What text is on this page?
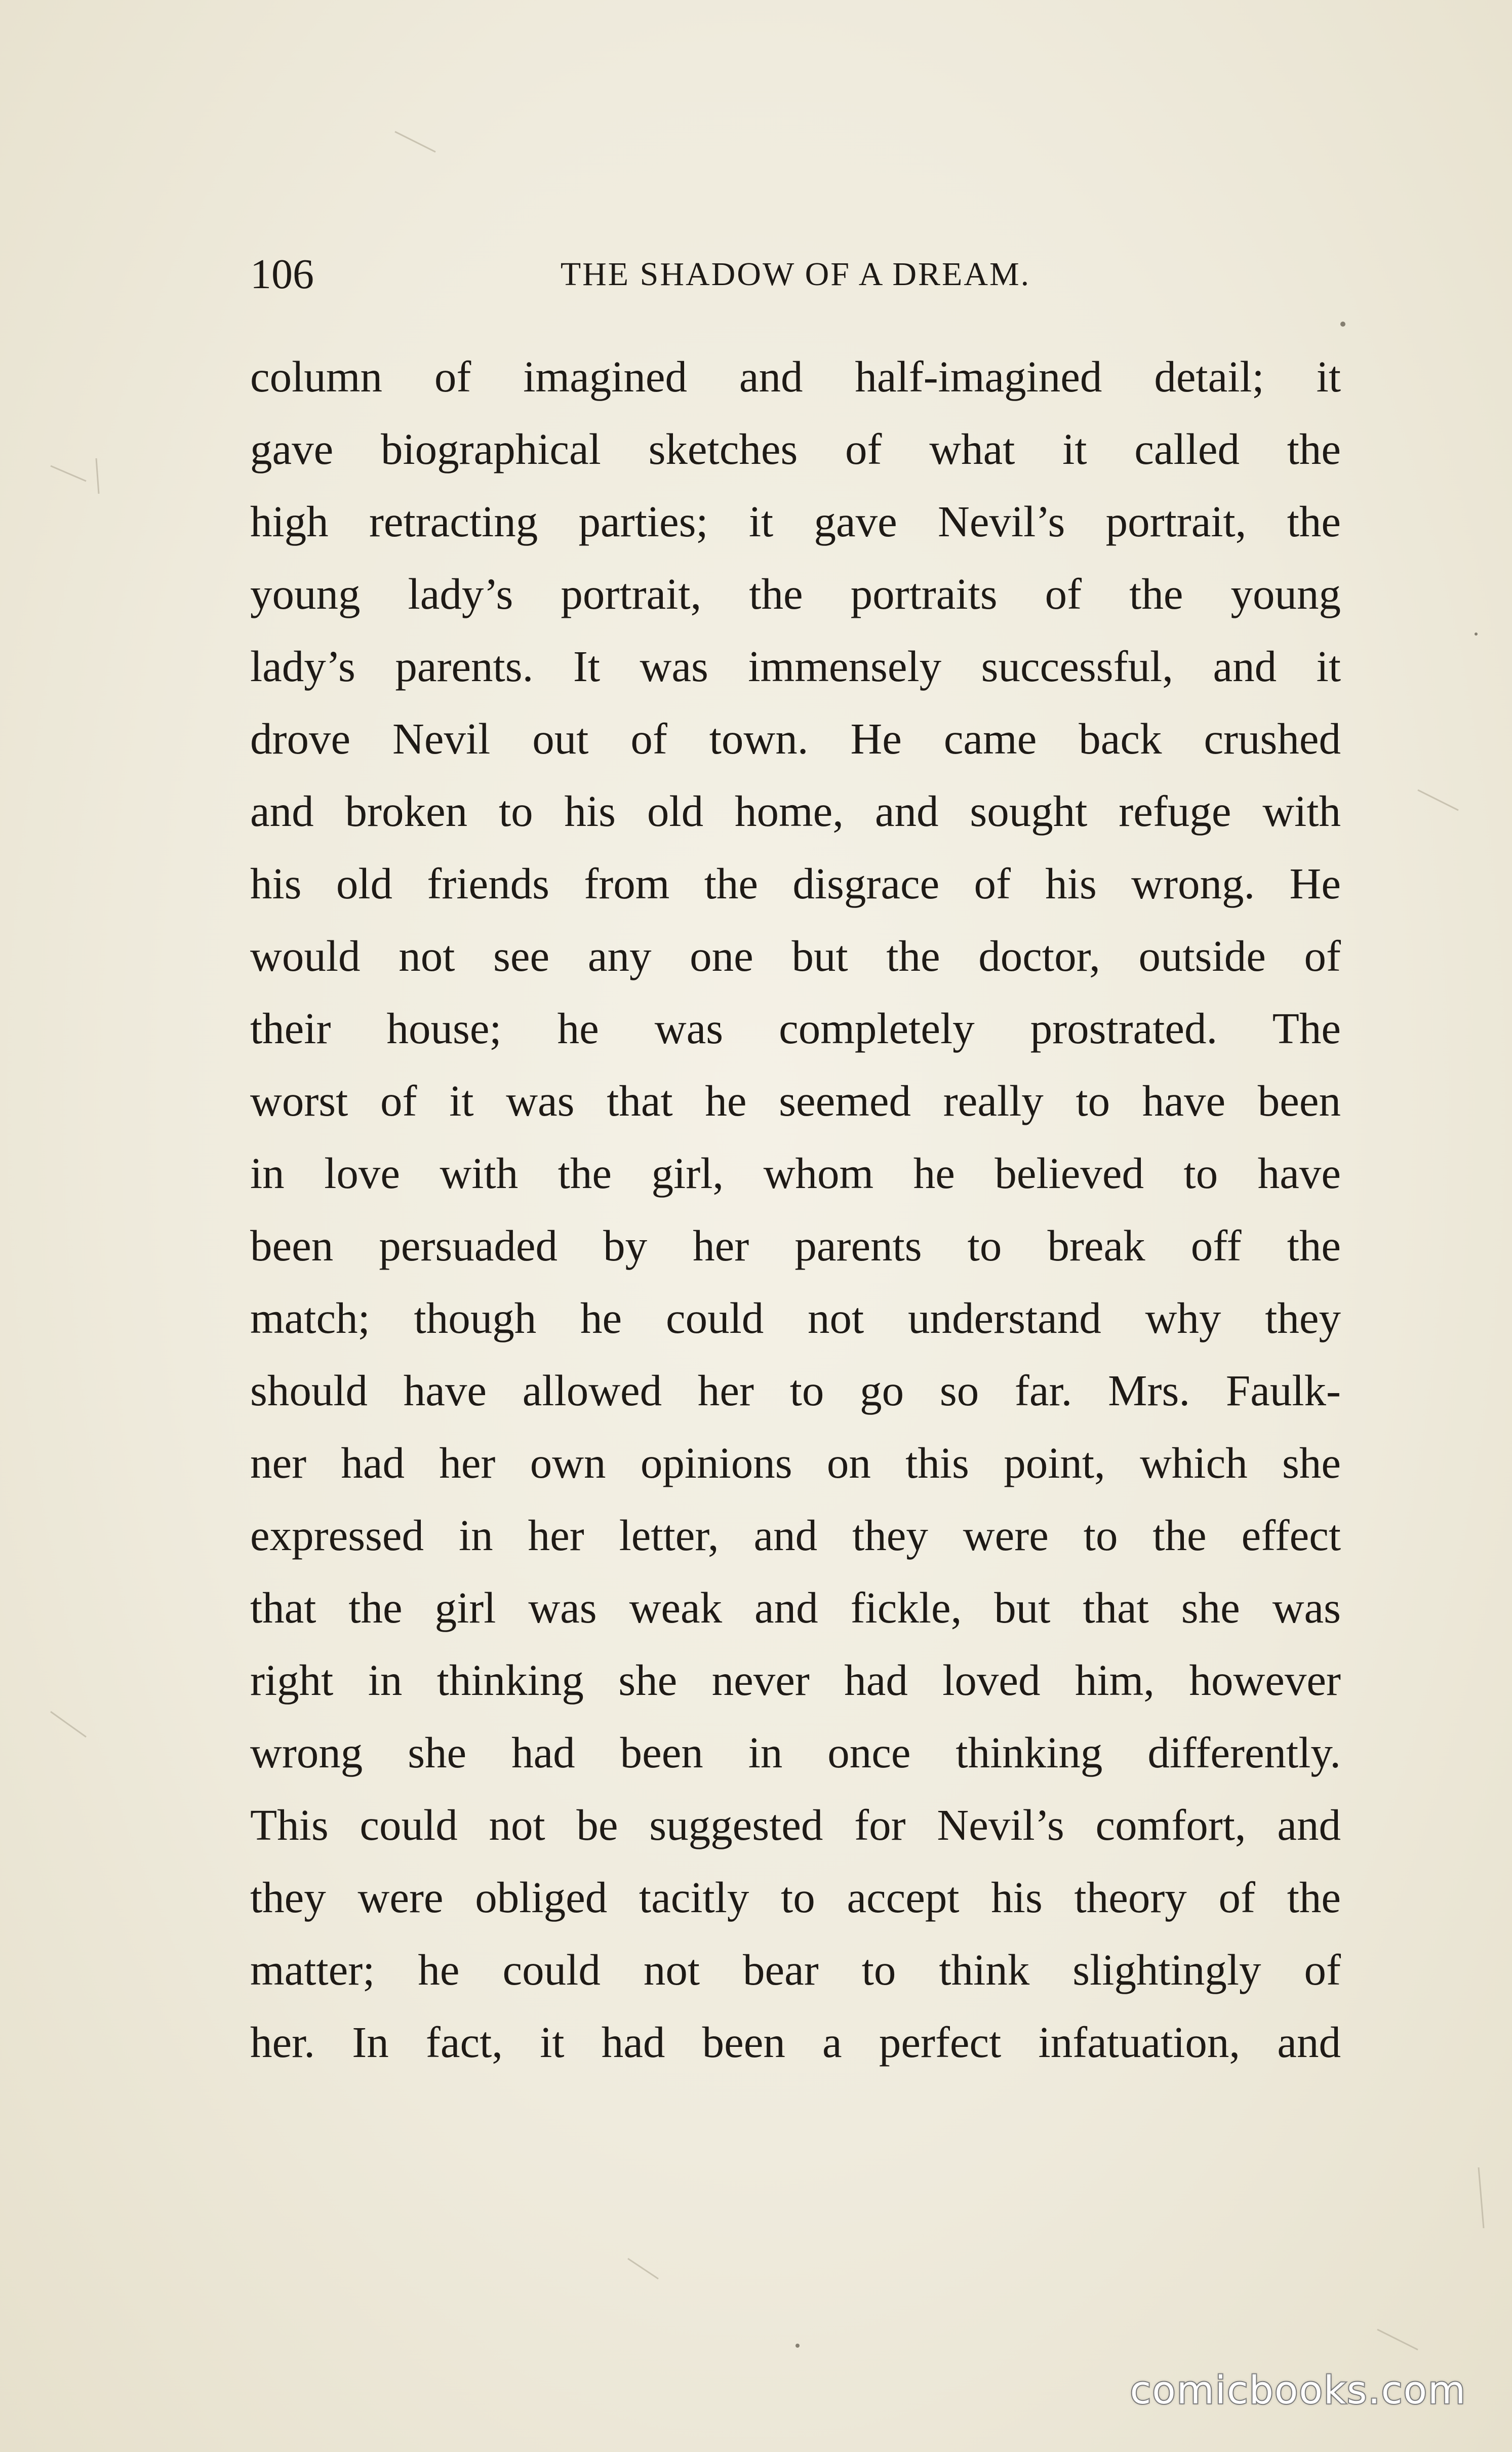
106	THE SHADOW OF A DREAM.
column of imagined and half-imagined detail; it
gave biographical sketches of what it called the
high retracting parties; it gave Nevil’s portrait, the
young lady’s portrait, the portraits of the young
lady’s parents. It was immensely successful, and it
drove Nevil out of town. He came back crushed
and broken to his old home, and sought refuge with
his old friends from the disgrace of his wrong. He
would not see any one but the doctor, outside of
their house; he was completely prostrated. The
worst of it was that he seemed really to have been
in love with the girl, whom he believed to have
been persuaded by her parents to break off the
match; though he could not understand why they
should have allowed her to go so far. Mrs. Faulk-
ner had her own opinions on this point, which she
expressed in her letter, and they were to the effect
that the girl was weak and fickle, but that she was
right in thinking she never had loved him, however
wrong she had been in once thinking differently.
This could not be suggested for Nevil’s comfort, and
they were obliged tacitly to accept his theory of the
matter; he could not bear to think slightingly of
her. In fact, it had been a perfect infatuation, and
comicbooks.com
